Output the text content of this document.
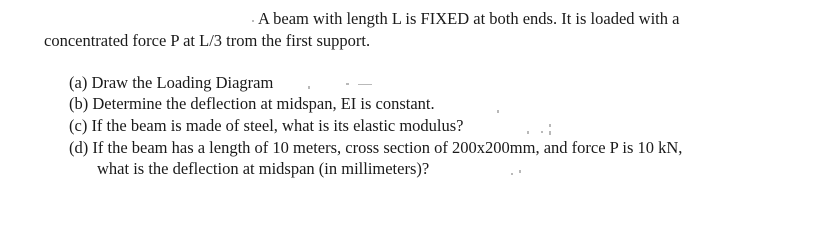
A beam with length L is FIXED at both ends. It is loaded with a
concentrated force P at L/3 trom the first support.
(a) Draw the Loading Diagram
(b) Determine the deflection at midspan, EI is constant.
(c) If the beam is made of steel, what is its elastic modulus?
(d) If the beam has a length of 10 meters, cross section of 200x200mm, and force P is 10 kN,
what is the deflection at midspan (in millimeters)?
